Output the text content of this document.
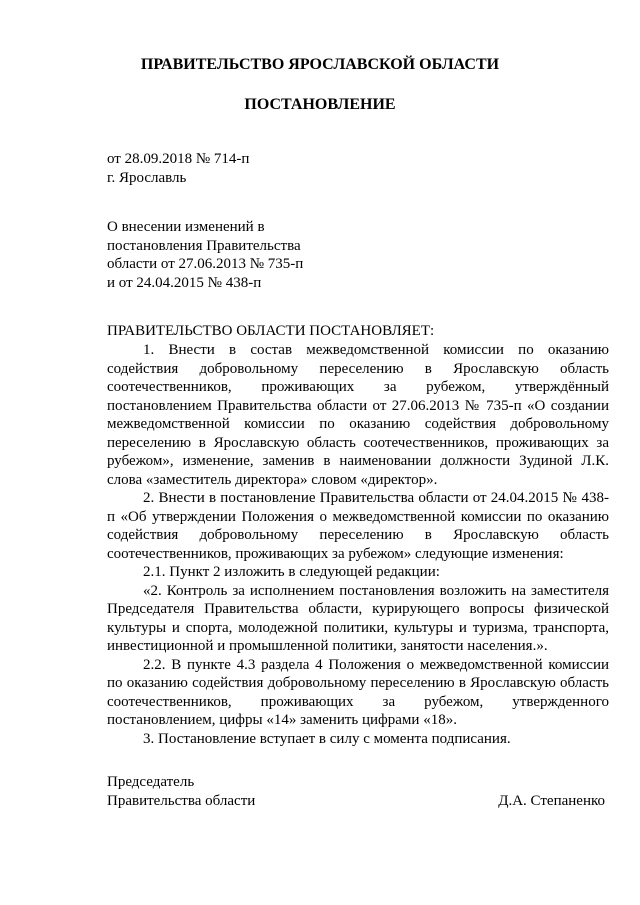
ПРАВИТЕЛЬСТВО ЯРОСЛАВСКОЙ ОБЛАСТИ
ПОСТАНОВЛЕНИЕ
от 28.09.2018 № 714-п
г. Ярославль
О внесении изменений в
постановления Правительства
области от 27.06.2013 № 735-п
и от 24.04.2015 № 438-п
ПРАВИТЕЛЬСТВО ОБЛАСТИ ПОСТАНОВЛЯЕТ:

1. Внести в состав межведомственной комиссии по оказанию содействия добровольному переселению в Ярославскую область соотечественников, проживающих за рубежом, утверждённый постановлением Правительства области от 27.06.2013 № 735-п «О создании межведомственной комиссии по оказанию содействия добровольному переселению в Ярославскую область соотечественников, проживающих за рубежом», изменение, заменив в наименовании должности Зудиной Л.К. слова «заместитель директора» словом «директор».

2. Внести в постановление Правительства области от 24.04.2015 № 438-п «Об утверждении Положения о межведомственной комиссии по оказанию содействия добровольному переселению в Ярославскую область соотечественников, проживающих за рубежом» следующие изменения:

2.1. Пункт 2 изложить в следующей редакции:

«2. Контроль за исполнением постановления возложить на заместителя Председателя Правительства области, курирующего вопросы физической культуры и спорта, молодежной политики, культуры и туризма, транспорта, инвестиционной и промышленной политики, занятости населения.».

2.2. В пункте 4.3 раздела 4 Положения о межведомственной комиссии по оказанию содействия добровольному переселению в Ярославскую область соотечественников, проживающих за рубежом, утвержденного постановлением, цифры «14» заменить цифрами «18».

3. Постановление вступает в силу с момента подписания.

Председатель
Правительства области	Д.А. Степаненко
